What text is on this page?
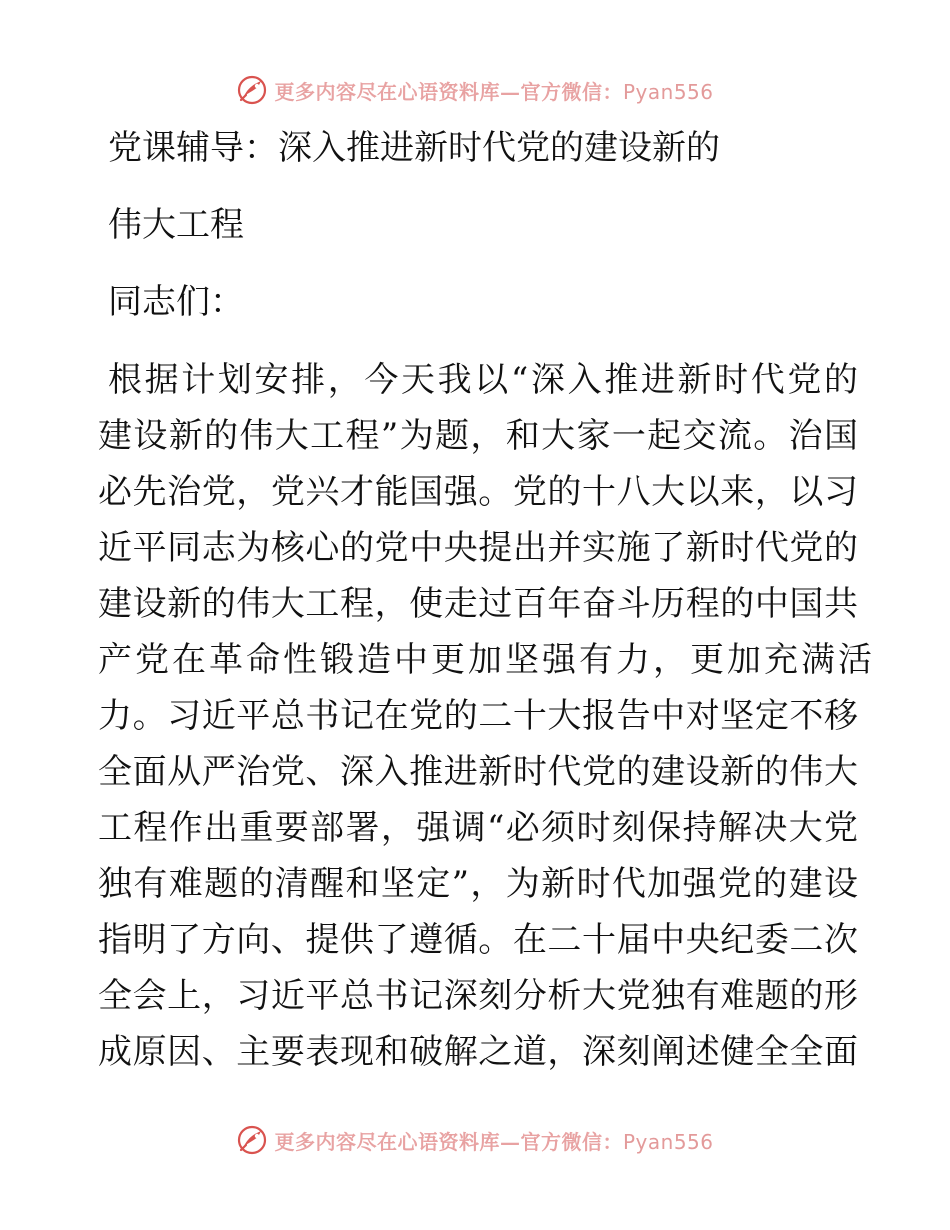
更多内容尽在心语资料库—官方微信：Pyan556
党课辅导：深入推进新时代党的建设新的
伟大工程
同志们：
根据计划安排，今天我以“深入推进新时代党的
建设新的伟大工程”为题，和大家一起交流。治国
必先治党，党兴才能国强。党的十八大以来，以习
近平同志为核心的党中央提出并实施了新时代党的
建设新的伟大工程，使走过百年奋斗历程的中国共
产党在革命性锻造中更加坚强有力，更加充满活
力。习近平总书记在党的二十大报告中对坚定不移
全面从严治党、深入推进新时代党的建设新的伟大
工程作出重要部署，强调“必须时刻保持解决大党
独有难题的清醒和坚定”，为新时代加强党的建设
指明了方向、提供了遵循。在二十届中央纪委二次
全会上，习近平总书记深刻分析大党独有难题的形
成原因、主要表现和破解之道，深刻阐述健全全面
更多内容尽在心语资料库—官方微信：Pyan556
